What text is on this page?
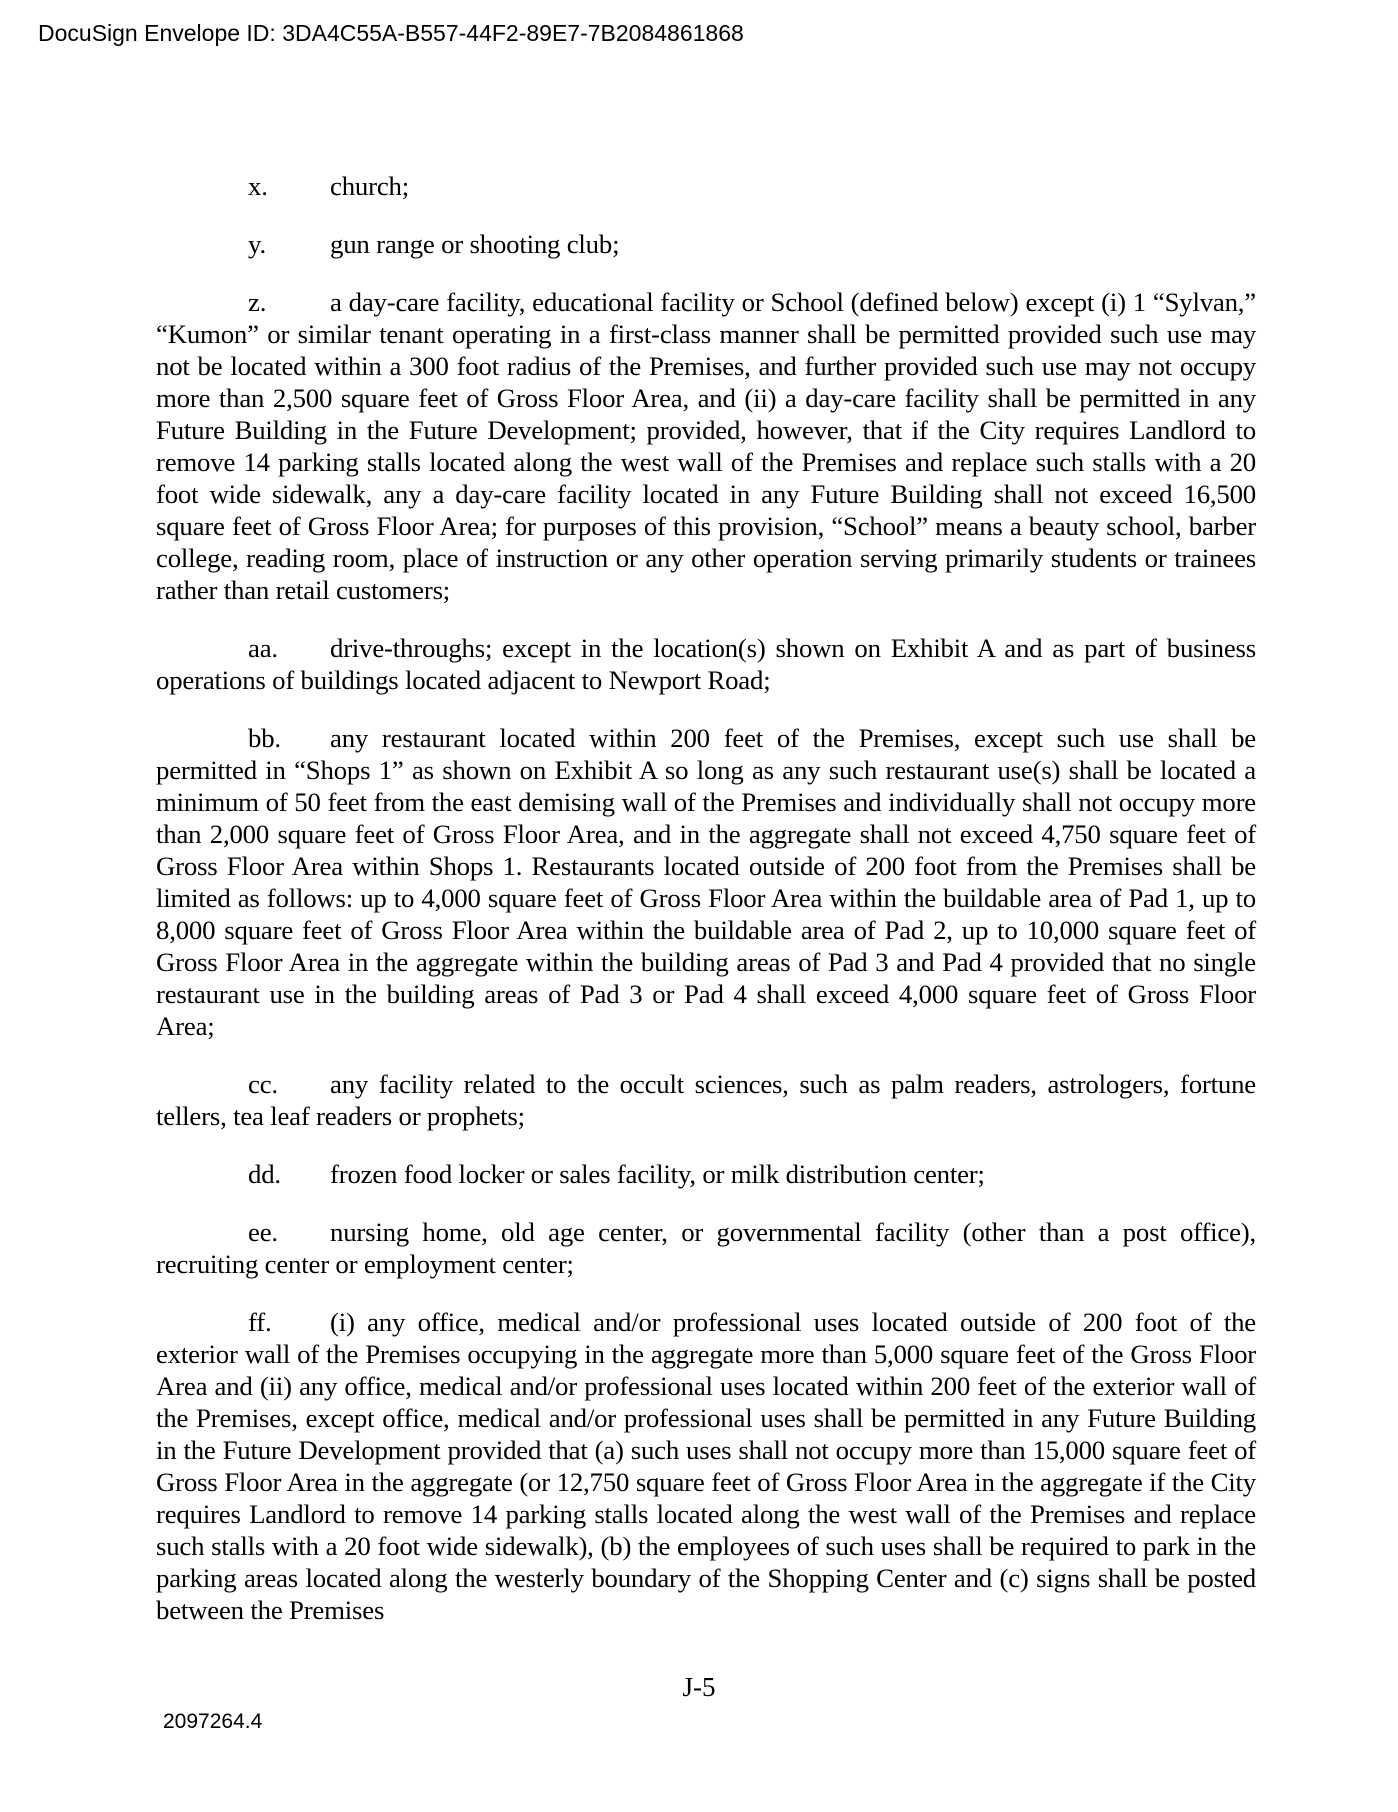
DocuSign Envelope ID: 3DA4C55A-B557-44F2-89E7-7B2084861868

x. church;

y. gun range or shooting club;

z. a day-care facility, educational facility or School (defined below) except (i) 1 “Sylvan,” “Kumon” or similar tenant operating in a first-class manner shall be permitted provided such use may not be located within a 300 foot radius of the Premises, and further provided such use may not occupy more than 2,500 square feet of Gross Floor Area, and (ii) a day-care facility shall be permitted in any Future Building in the Future Development; provided, however, that if the City requires Landlord to remove 14 parking stalls located along the west wall of the Premises and replace such stalls with a 20 foot wide sidewalk, any a day-care facility located in any Future Building shall not exceed 16,500 square feet of Gross Floor Area; for purposes of this provision, “School” means a beauty school, barber college, reading room, place of instruction or any other operation serving primarily students or trainees rather than retail customers;

aa. drive-throughs; except in the location(s) shown on Exhibit A and as part of business operations of buildings located adjacent to Newport Road;

bb. any restaurant located within 200 feet of the Premises, except such use shall be permitted in “Shops 1” as shown on Exhibit A so long as any such restaurant use(s) shall be located a minimum of 50 feet from the east demising wall of the Premises and individually shall not occupy more than 2,000 square feet of Gross Floor Area, and in the aggregate shall not exceed 4,750 square feet of Gross Floor Area within Shops 1. Restaurants located outside of 200 foot from the Premises shall be limited as follows: up to 4,000 square feet of Gross Floor Area within the buildable area of Pad 1, up to 8,000 square feet of Gross Floor Area within the buildable area of Pad 2, up to 10,000 square feet of Gross Floor Area in the aggregate within the building areas of Pad 3 and Pad 4 provided that no single restaurant use in the building areas of Pad 3 or Pad 4 shall exceed 4,000 square feet of Gross Floor Area;

cc. any facility related to the occult sciences, such as palm readers, astrologers, fortune tellers, tea leaf readers or prophets;

dd. frozen food locker or sales facility, or milk distribution center;

ee. nursing home, old age center, or governmental facility (other than a post office), recruiting center or employment center;

ff. (i) any office, medical and/or professional uses located outside of 200 foot of the exterior wall of the Premises occupying in the aggregate more than 5,000 square feet of the Gross Floor Area and (ii) any office, medical and/or professional uses located within 200 feet of the exterior wall of the Premises, except office, medical and/or professional uses shall be permitted in any Future Building in the Future Development provided that (a) such uses shall not occupy more than 15,000 square feet of Gross Floor Area in the aggregate (or 12,750 square feet of Gross Floor Area in the aggregate if the City requires Landlord to remove 14 parking stalls located along the west wall of the Premises and replace such stalls with a 20 foot wide sidewalk), (b) the employees of such uses shall be required to park in the parking areas located along the westerly boundary of the Shopping Center and (c) signs shall be posted between the Premises

J-5
2097264.4
